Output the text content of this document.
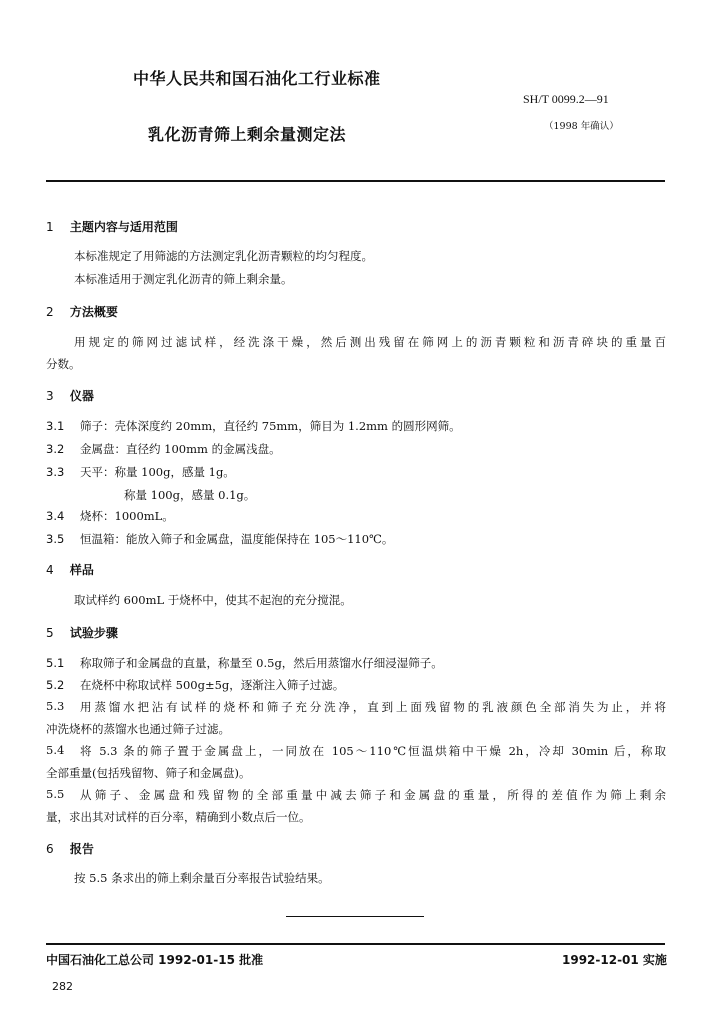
中华人民共和国石油化工行业标准
SH/T 0099.2—91
乳化沥青筛上剩余量测定法	（1998 年确认）
1 主题内容与适用范围
本标准规定了用筛滤的方法测定乳化沥青颗粒的均匀程度。
本标准适用于测定乳化沥青的筛上剩余量。
2 方法概要
用规定的筛网过滤试样，经洗涤干燥，然后测出残留在筛网上的沥青颗粒和沥青碎块的重量百
分数。
3 仪器
3.1 筛子：壳体深度约 20mm，直径约 75mm，筛目为 1.2mm 的圆形网筛。
3.2 金属盘：直径约 100mm 的金属浅盘。
3.3 天平：称量 100g，感量 1g。
称量 100g，感量 0.1g。
3.4 烧杯：1000mL。
3.5 恒温箱：能放入筛子和金属盘，温度能保持在 105～110℃。
4 样品
取试样约 600mL 于烧杯中，使其不起泡的充分搅混。
5 试验步骤
5.1 称取筛子和金属盘的直量，称量至 0.5g，然后用蒸馏水仔细浸湿筛子。
5.2 在烧杯中称取试样 500g±5g，逐渐注入筛子过滤。
5.3 用蒸馏水把沾有试样的烧杯和筛子充分洗净，直到上面残留物的乳液颜色全部消失为止，并将
冲洗烧杯的蒸馏水也通过筛子过滤。
5.4 将 5.3 条的筛子置于金属盘上，一同放在 105～110℃恒温烘箱中干燥 2h，冷却 30min 后，称取
全部重量(包括残留物、筛子和金属盘)。
5.5 从筛子、金属盘和残留物的全部重量中减去筛子和金属盘的重量，所得的差值作为筛上剩余
量，求出其对试样的百分率，精确到小数点后一位。
6 报告
按 5.5 条求出的筛上剩余量百分率报告试验结果。
中国石油化工总公司 1992-01-15 批准	1992-12-01 实施
282
